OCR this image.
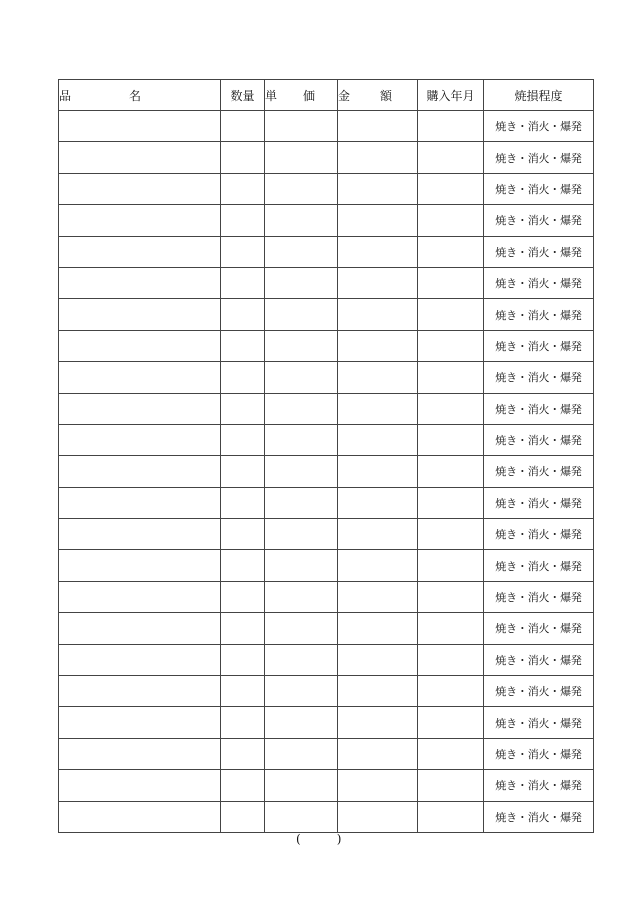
品 名	数量	単 価	金 額	購入年月	焼損程度
					焼き・消火・爆発
					焼き・消火・爆発
					焼き・消火・爆発
					焼き・消火・爆発
					焼き・消火・爆発
					焼き・消火・爆発
					焼き・消火・爆発
					焼き・消火・爆発
					焼き・消火・爆発
					焼き・消火・爆発
					焼き・消火・爆発
					焼き・消火・爆発
					焼き・消火・爆発
					焼き・消火・爆発
					焼き・消火・爆発
					焼き・消火・爆発
					焼き・消火・爆発
					焼き・消火・爆発
					焼き・消火・爆発
					焼き・消火・爆発
					焼き・消火・爆発
					焼き・消火・爆発
					焼き・消火・爆発
(	)
